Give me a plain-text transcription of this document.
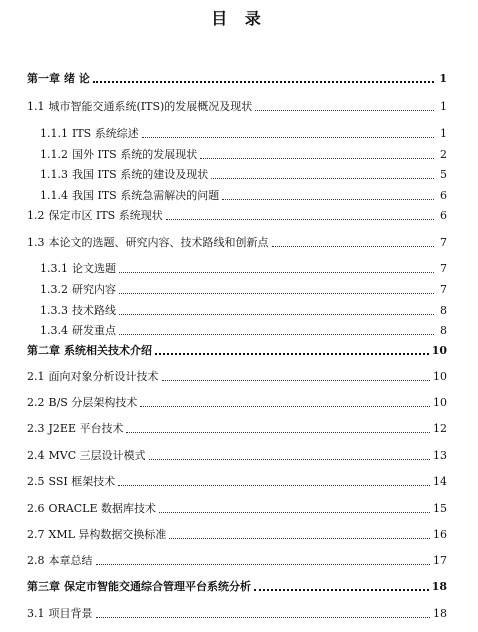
目 录
第一章 绪 论	1
1.1 城市智能交通系统(ITS)的发展概况及现状	1
1.1.1 ITS 系统综述	1
1.1.2 国外 ITS 系统的发展现状	2
1.1.3 我国 ITS 系统的建设及现状	5
1.1.4 我国 ITS 系统急需解决的问题	6
1.2 保定市区 ITS 系统现状	6
1.3 本论文的选题、研究内容、技术路线和创新点	7
1.3.1 论文选题	7
1.3.2 研究内容	7
1.3.3 技术路线	8
1.3.4 研发重点	8
第二章 系统相关技术介绍	10
2.1 面向对象分析设计技术	10
2.2 B/S 分层架构技术	10
2.3 J2EE 平台技术	12
2.4 MVC 三层设计模式	13
2.5 SSI 框架技术	14
2.6 ORACLE 数据库技术	15
2.7 XML 异构数据交换标准	16
2.8 本章总结	17
第三章 保定市智能交通综合管理平台系统分析	18
3.1 项目背景	18
